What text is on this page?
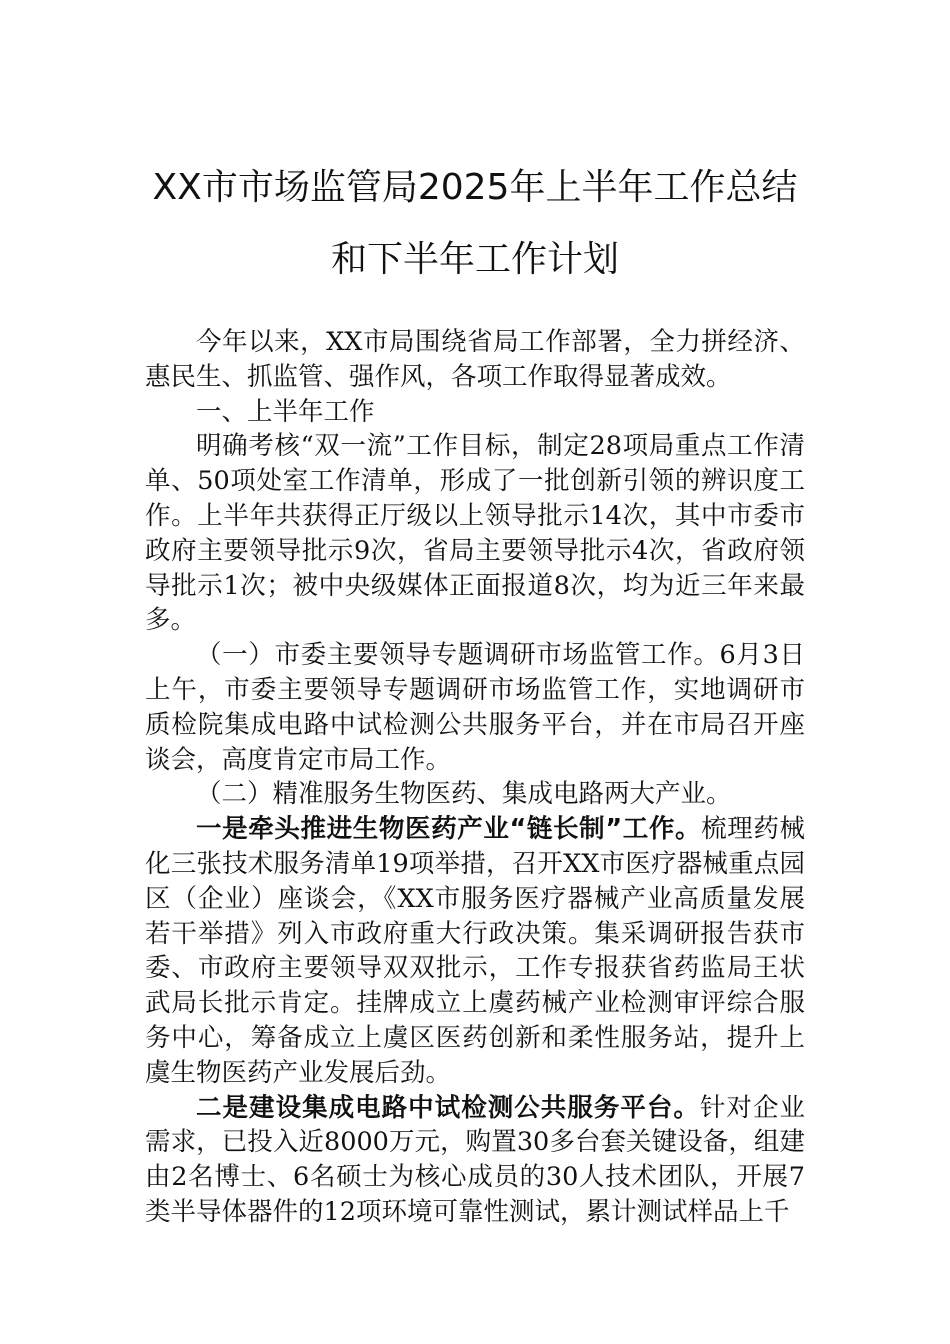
XX市市场监管局2025年上半年工作总结
和下半年工作计划

今年以来，XX市局围绕省局工作部署，全力拼经济、惠民生、抓监管、强作风，各项工作取得显著成效。

一、上半年工作

明确考核“双一流”工作目标，制定28项局重点工作清单、50项处室工作清单，形成了一批创新引领的辨识度工作。上半年共获得正厅级以上领导批示14次，其中市委市政府主要领导批示9次，省局主要领导批示4次，省政府领导批示1次；被中央级媒体正面报道8次，均为近三年来最多。

（一）市委主要领导专题调研市场监管工作。6月3日上午，市委主要领导专题调研市场监管工作，实地调研市质检院集成电路中试检测公共服务平台，并在市局召开座谈会，高度肯定市局工作。

（二）精准服务生物医药、集成电路两大产业。

一是牵头推进生物医药产业“链长制”工作。梳理药械化三张技术服务清单19项举措，召开XX市医疗器械重点园区（企业）座谈会，《XX市服务医疗器械产业高质量发展若干举措》列入市政府重大行政决策。集采调研报告获市委、市政府主要领导双双批示，工作专报获省药监局王状武局长批示肯定。挂牌成立上虞药械产业检测审评综合服务中心，筹备成立上虞区医药创新和柔性服务站，提升上虞生物医药产业发展后劲。

二是建设集成电路中试检测公共服务平台。针对企业需求，已投入近8000万元，购置30多台套关键设备，组建由2名博士、6名硕士为核心成员的30人技术团队，开展7类半导体器件的12项环境可靠性测试，累计测试样品上千
